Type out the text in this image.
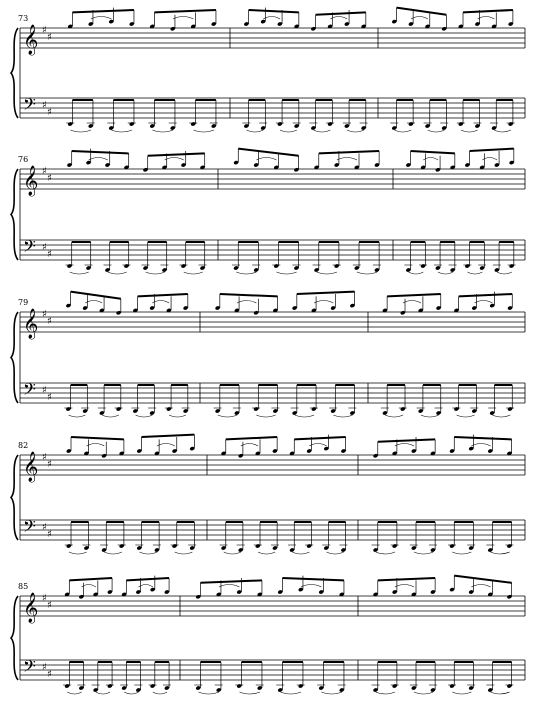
73
𝄞 ♯
♯
𝄢 ♯
♯
76
𝄞 ♯
♯
𝄢 ♯
♯
79
𝄞 ♯
♯
𝄢 ♯
♯
82
𝄞 ♯
♯
𝄢 ♯
♯
85
𝄞 ♯
♯
𝄢 ♯
♯
